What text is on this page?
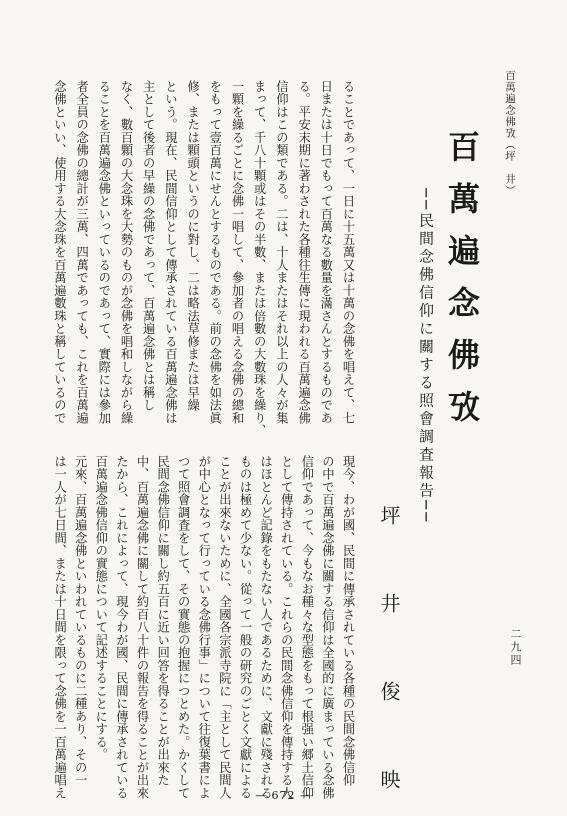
百萬遍念佛攷（坪　井）
二九四
百萬遍念佛攷
──民間念佛信仰に關する照會調査報告──
坪　井　俊　映
ることであって、一日に十五萬又は十萬の念佛を唱えて、七
日または十日でもって百萬なる數量を滿さんとするものであ
る。平安末期に著わされた各種往生傳に現われる百萬遍念佛
信仰はこの類である。二は、十人またはそれ以上の人々が集
まって、千八十顆或はその半數、または倍數の大數珠を繰り、
一顆を繰るごとに念佛一唱して、參加者の唱える念佛の總和
をもって壹百萬にせんとするものである。前の念佛を如法眞
修、または顆頭というのに對し、二は略法草修または早繰
という。現在、民間信仰として傳承されている百萬遍念佛は
主として後者の早繰の念佛であって、百萬遍念佛とは稱し
なく、數百顆の大念珠を大勢のものが念佛を唱和しながら繰
ることを百萬遍念佛といっているのであって、實際には參加
者全員の念佛の總計が三萬、四萬であっても、これを百萬遍
念佛といい、使用する大念珠を百萬遍數珠と稱しているので
現今、わが國、民間に傳承されている各種の民間念佛信仰
の中で百萬遍念佛に關する信仰は全國的に廣まっている念佛
信仰であって、今もなお種々な型態をもって根强い郷土信仰
として傳持されている。これらの民間念佛信仰を傳持する人
はほとんど記錄をもたない人であるために、文獻に殘される
ものは極めて少ない。從って一般の研究のごとく文獻による
ことが出來ないために、全國各宗派寺院に「主として民間人
が中心となって行っている念佛行事」について往復葉書によ
つて照會調査をして、その實態の抱握につとめた。かくして
民間念佛信仰に關し約五百に近い回答を得ることが出來た
中、百萬遍念佛に關して約百八十件の報告を得ることが出來
たから、これによって、現今わが國、民間に傳承されている
百萬遍念佛信仰の實態について記述することにする。
元來、百萬遍念佛といわれているものに二種あり、その一
は一人が七日間、または十日間を限って念佛を一百萬遍唱え	— 672 —
